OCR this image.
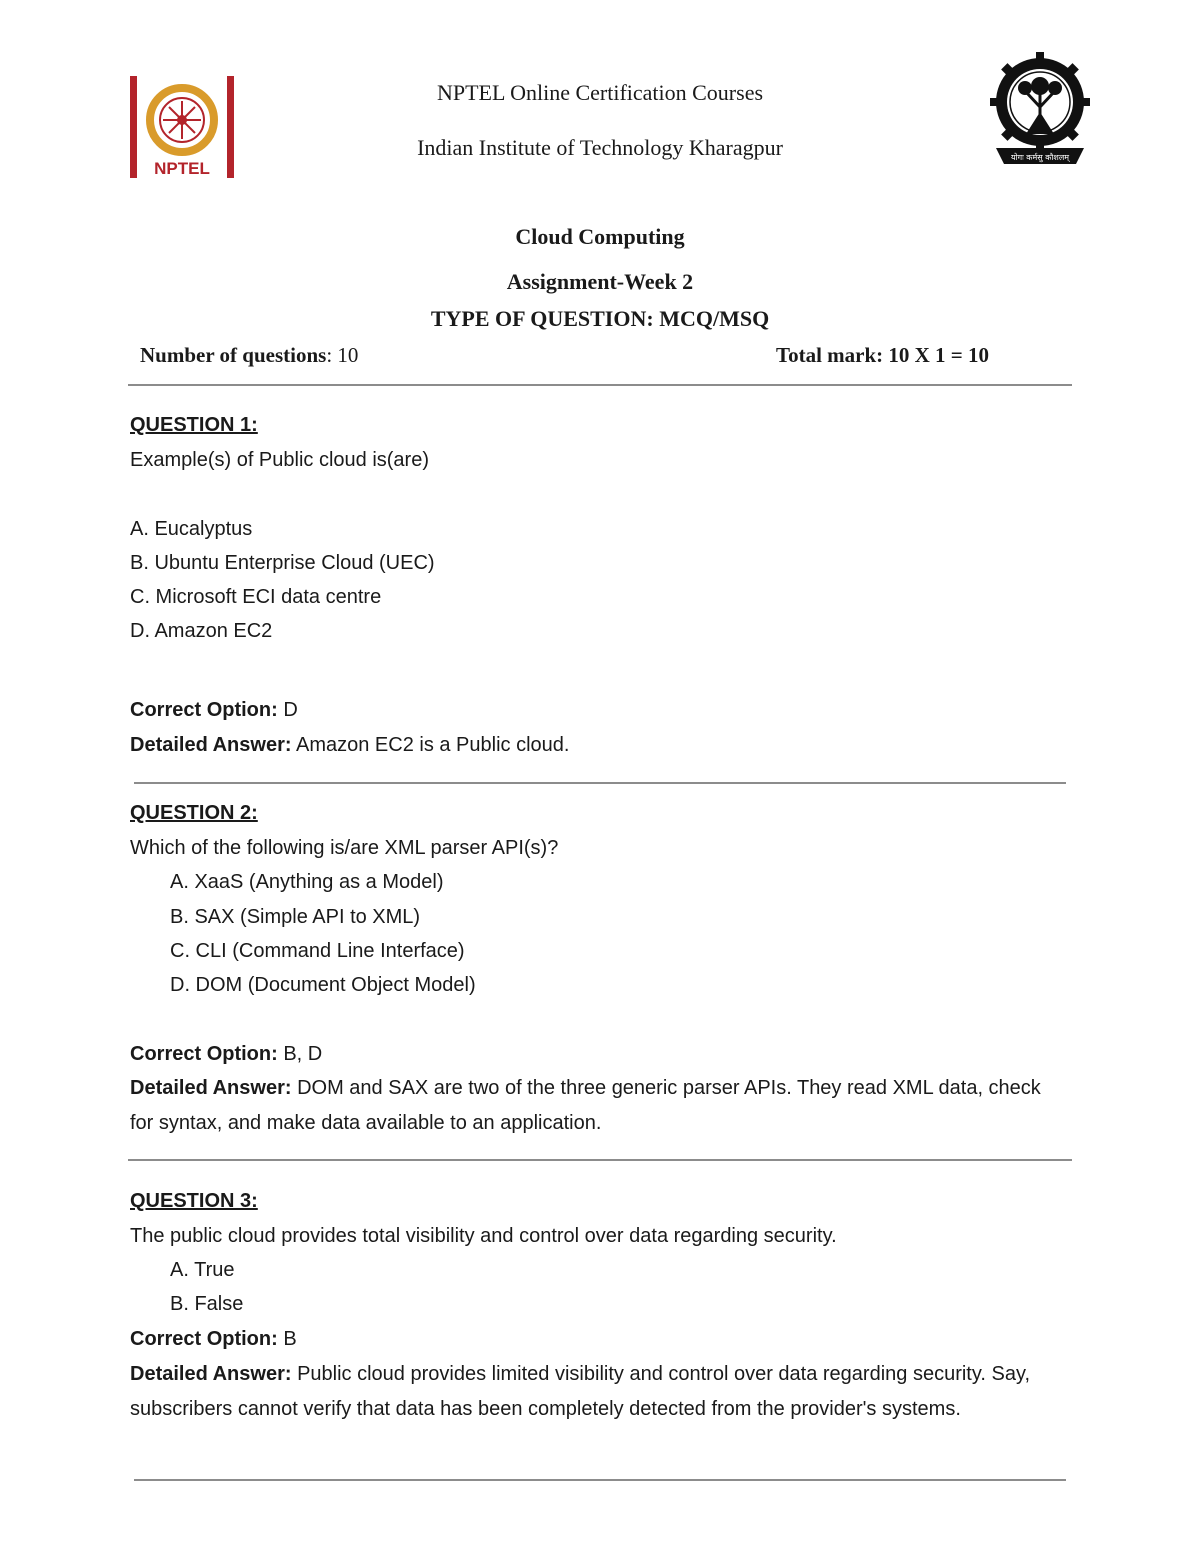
NPTEL
NPTEL Online Certification Courses
Indian Institute of Technology Kharagpur	योगः कर्मसु कौशलम्
Cloud Computing
Assignment-Week 2
TYPE OF QUESTION: MCQ/MSQ
Number of questions: 10	Total mark: 10 X 1 = 10
QUESTION 1:
Example(s) of Public cloud is(are)
A. Eucalyptus
B. Ubuntu Enterprise Cloud (UEC)
C. Microsoft ECI data centre
D. Amazon EC2
Correct Option: D
Detailed Answer: Amazon EC2 is a Public cloud.
QUESTION 2:
Which of the following is/are XML parser API(s)?
A. XaaS (Anything as a Model)
B. SAX (Simple API to XML)
C. CLI (Command Line Interface)
D. DOM (Document Object Model)
Correct Option: B, D
Detailed Answer: DOM and SAX are two of the three generic parser APIs. They read XML data, check for syntax, and make data available to an application.
QUESTION 3:
The public cloud provides total visibility and control over data regarding security.
A. True
B. False
Correct Option: B
Detailed Answer: Public cloud provides limited visibility and control over data regarding security. Say, subscribers cannot verify that data has been completely detected from the provider's systems.
